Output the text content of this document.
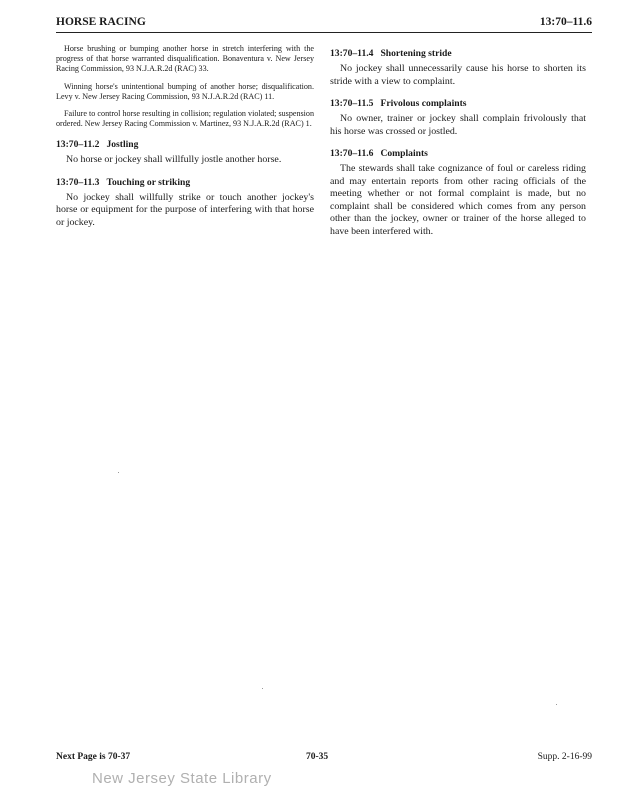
HORSE RACING	13:70–11.6

Horse brushing or bumping another horse in stretch interfering with the progress of that horse warranted disqualification. Bonaventura v. New Jersey Racing Commission, 93 N.J.A.R.2d (RAC) 33.

Winning horse's unintentional bumping of another horse; disqualification. Levy v. New Jersey Racing Commission, 93 N.J.A.R.2d (RAC) 11.

Failure to control horse resulting in collision; regulation violated; suspension ordered. New Jersey Racing Commission v. Martinez, 93 N.J.A.R.2d (RAC) 1.

13:70–11.2 Jostling

No horse or jockey shall willfully jostle another horse.

13:70–11.3 Touching or striking

No jockey shall willfully strike or touch another jockey's horse or equipment for the purpose of interfering with that horse or jockey.

13:70–11.4 Shortening stride

No jockey shall unnecessarily cause his horse to shorten its stride with a view to complaint.

13:70–11.5 Frivolous complaints

No owner, trainer or jockey shall complain frivolously that his horse was crossed or jostled.

13:70–11.6 Complaints

The stewards shall take cognizance of foul or careless riding and may entertain reports from other racing officials of the meeting whether or not formal complaint is made, but no complaint shall be considered which comes from any person other than the jockey, owner or trainer of the horse alleged to have been interfered with.

Next Page is 70-37	70-35	Supp. 2-16-99
New Jersey State Library
